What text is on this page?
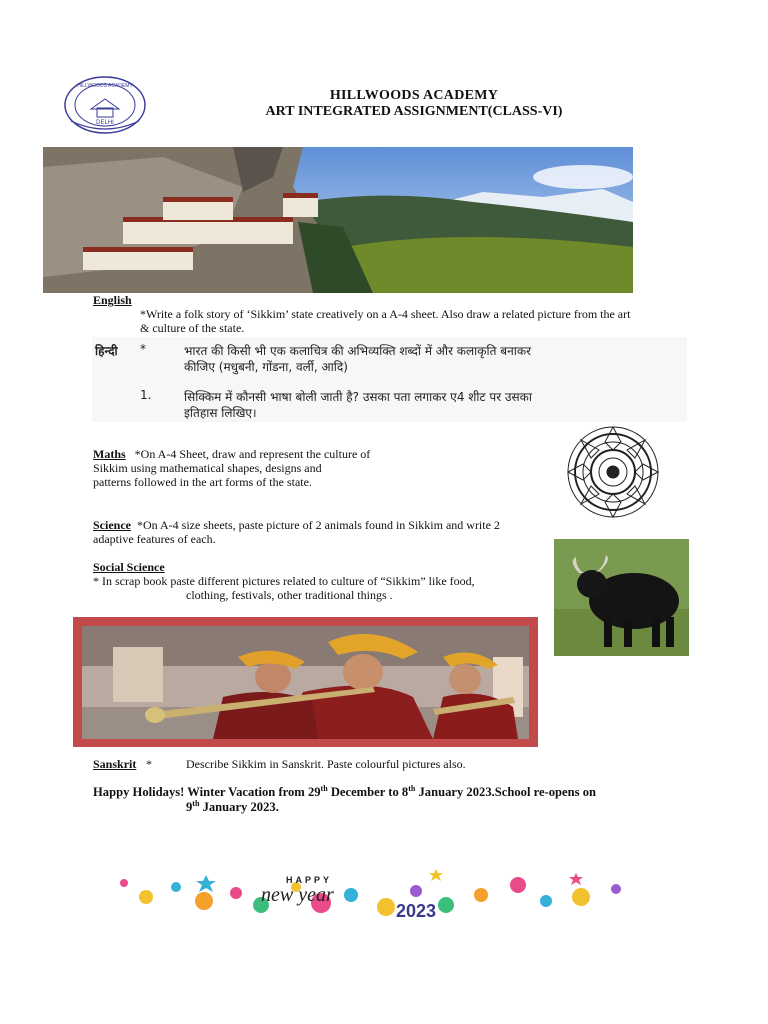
DELHI
HILLWOODS ACADEMY
HILLWOODS ACADEMY
ART INTEGRATED ASSIGNMENT(CLASS-VI)
English
*Write a folk story of ‘Sikkim’ state creatively on a A-4 sheet. Also draw a related picture from the art
& culture of the state.
हिन्दी *	भारत की किसी भी एक कलाचित्र की अभिव्यक्ति शब्दों में और कलाकृति बनाकर
कीजिए (मधुबनी, गोंडना, वर्ली, आदि)
1.	सिक्किम में कौनसी भाषा बोली जाती है? उसका पता लगाकर ए4 शीट पर उसका
इतिहास लिखिए।
Maths *On A-4 Sheet, draw and represent the culture of
Sikkim using mathematical shapes, designs and
patterns followed in the art forms of the state.
Science *On A-4 size sheets, paste picture of 2 animals found in Sikkim and write 2
adaptive features of each.
Social Science
* In scrap book paste different pictures related to culture of “Sikkim” like food,
clothing, festivals, other traditional things .
Sanskrit *	Describe Sikkim in Sanskrit. Paste colourful pictures also.
Happy Holidays! Winter Vacation from 29th December to 8th January 2023.School re-opens on
9th January 2023.
HAPPY
new year
2023
